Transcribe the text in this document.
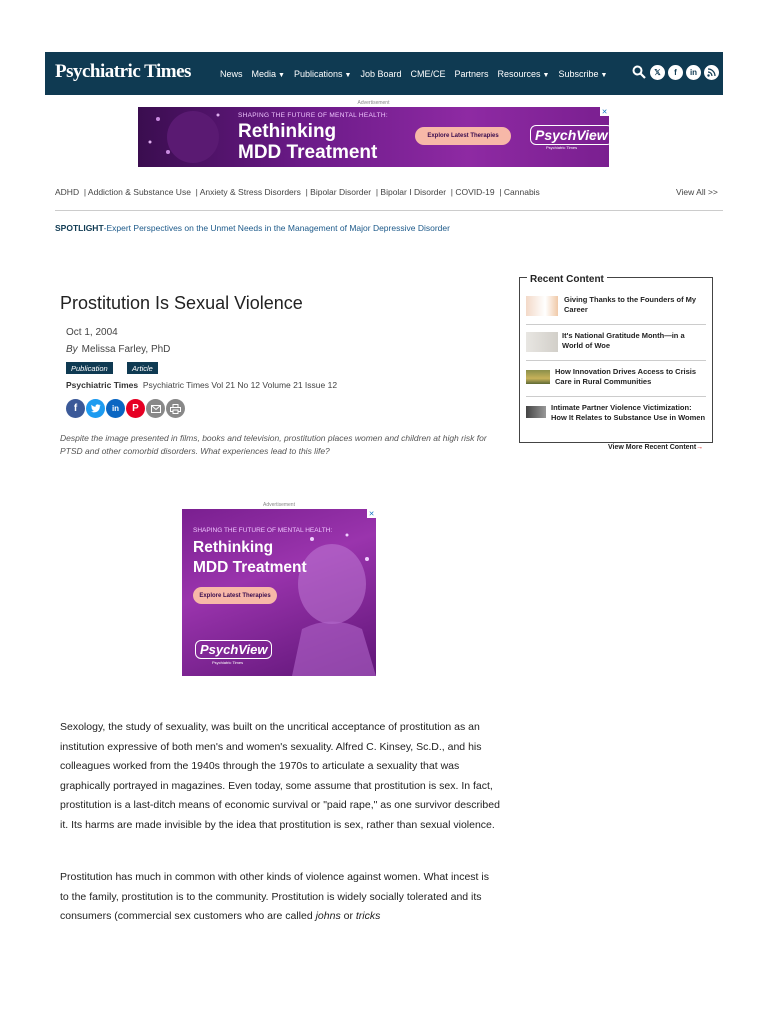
Psychiatric Times	News Media ▼ Publications ▼ Job Board CME/CE Partners Resources ▼ Subscribe ▼	𝕏	f	in
Advertisement
SHAPING THE FUTURE OF MENTAL HEALTH:
Rethinking
MDD Treatment
Explore Latest Therapies	PsychView
Psychiatric Times
✕
ADHD  | Addiction & Substance Use  | Anxiety & Stress Disorders  | Bipolar Disorder  | Bipolar I Disorder  | COVID-19  | Cannabis	View All >>
SPOTLIGHT-Expert Perspectives on the Unmet Needs in the Management of Major Depressive Disorder
Prostitution Is Sexual Violence
Oct 1, 2004
By Melissa Farley, PhD
Publication	Article
Psychiatric Times Psychiatric Times Vol 21 No 12 Volume 21 Issue 12
f	in	P
Despite the image presented in films, books and television, prostitution places women and children at high risk for PTSD and other comorbid disorders. What experiences lead to this life?
Recent Content
Giving Thanks to the Founders of My Career
It's National Gratitude Month—in a World of Woe
How Innovation Drives Access to Crisis Care in Rural Communities
Intimate Partner Violence Victimization: How It Relates to Substance Use in Women
View More Recent Content→
Advertisement
SHAPING THE FUTURE OF MENTAL HEALTH:
Rethinking
MDD Treatment
Explore Latest Therapies
PsychView
Psychiatric Times
✕
Sexology, the study of sexuality, was built on the uncritical acceptance of prostitution as an institution expressive of both men's and women's sexuality. Alfred C. Kinsey, Sc.D., and his colleagues worked from the 1940s through the 1970s to articulate a sexuality that was graphically portrayed in magazines. Even today, some assume that prostitution is sex. In fact, prostitution is a last-ditch means of economic survival or "paid rape," as one survivor described it. Its harms are made invisible by the idea that prostitution is sex, rather than sexual violence.
Prostitution has much in common with other kinds of violence against women. What incest is to the family, prostitution is to the community. Prostitution is widely socially tolerated and its consumers (commercial sex customers who are called johns or tricks
